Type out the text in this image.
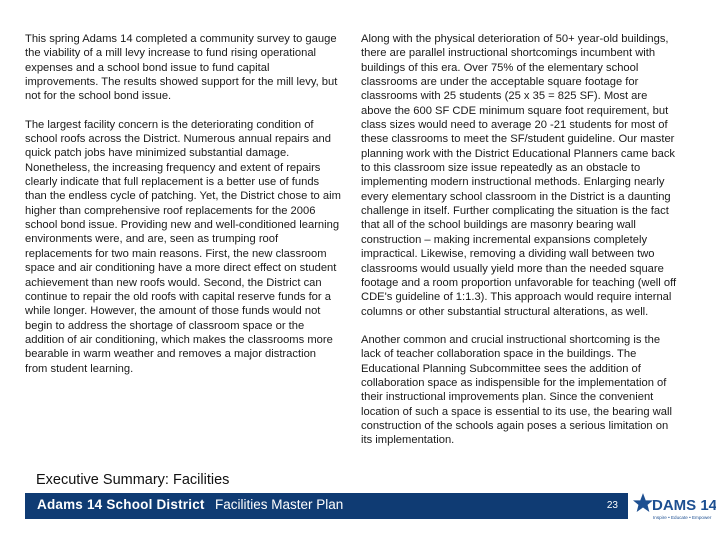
This spring Adams 14 completed a community survey to gauge the viability of a mill levy increase to fund rising operational expenses and a school bond issue to fund capital improvements. The results showed support for the mill levy, but not for the school bond issue.

The largest facility concern is the deteriorating condition of school roofs across the District. Numerous annual repairs and quick patch jobs have minimized substantial damage. Nonetheless, the increasing frequency and extent of repairs clearly indicate that full replacement is a better use of funds than the endless cycle of patching. Yet, the District chose to aim higher than comprehensive roof replacements for the 2006 school bond issue. Providing new and well-conditioned learning environments were, and are, seen as trumping roof replacements for two main reasons. First, the new classroom space and air conditioning have a more direct effect on student achievement than new roofs would. Second, the District can continue to repair the old roofs with capital reserve funds for a while longer. However, the amount of those funds would not begin to address the shortage of classroom space or the addition of air conditioning, which makes the classrooms more bearable in warm weather and removes a major distraction from student learning.

Along with the physical deterioration of 50+ year-old buildings, there are parallel instructional shortcomings incumbent with buildings of this era. Over 75% of the elementary school classrooms are under the acceptable square footage for classrooms with 25 students (25 x 35 = 825 SF). Most are above the 600 SF CDE minimum square foot requirement, but class sizes would need to average 20 -21 students for most of these classrooms to meet the SF/student guideline. Our master planning work with the District Educational Planners came back to this classroom size issue repeatedly as an obstacle to implementing modern instructional methods. Enlarging nearly every elementary school classroom in the District is a daunting challenge in itself. Further complicating the situation is the fact that all of the school buildings are masonry bearing wall construction – making incremental expansions completely impractical. Likewise, removing a dividing wall between two classrooms would usually yield more than the needed square footage and a room proportion unfavorable for teaching (well off CDE's guideline of 1:1.3). This approach would require internal columns or other substantial structural alterations, as well.

Another common and crucial instructional shortcoming is the lack of teacher collaboration space in the buildings. The Educational Planning Subcommittee sees the addition of collaboration space as indispensible for the implementation of their instructional improvements plan. Since the convenient location of such a space is essential to its use, the bearing wall construction of the schools again poses a serious limitation on its implementation.

Executive Summary: Facilities
Adams 14 School District Facilities Master Plan	23 DAMS 14
Inspire • Educate • Empower
